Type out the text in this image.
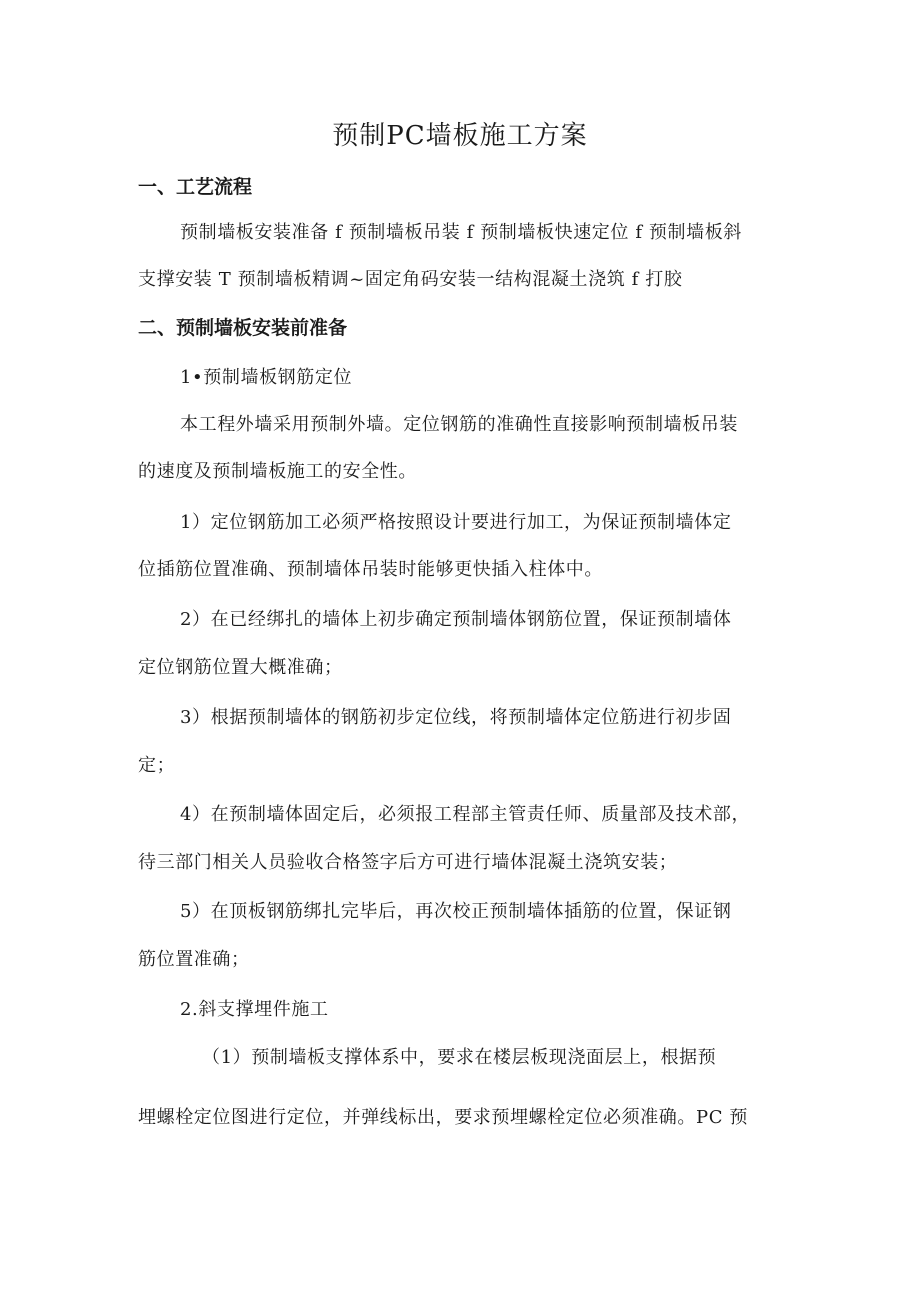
预制PC墙板施工方案
一、工艺流程
预制墙板安装准备 f 预制墙板吊装 f 预制墙板快速定位 f 预制墙板斜
支撑安装 T 预制墙板精调~固定角码安装一结构混凝土浇筑 f 打胶
二、预制墙板安装前准备
1•预制墙板钢筋定位
本工程外墙采用预制外墙。定位钢筋的准确性直接影响预制墙板吊装
的速度及预制墙板施工的安全性。
1）定位钢筋加工必须严格按照设计要进行加工，为保证预制墙体定
位插筋位置准确、预制墙体吊装时能够更快插入柱体中。
2）在已经绑扎的墙体上初步确定预制墙体钢筋位置，保证预制墙体
定位钢筋位置大概准确；
3）根据预制墙体的钢筋初步定位线，将预制墙体定位筋进行初步固
定；
4）在预制墙体固定后，必须报工程部主管责任师、质量部及技术部，
待三部门相关人员验收合格签字后方可进行墙体混凝土浇筑安装；
5）在顶板钢筋绑扎完毕后，再次校正预制墙体插筋的位置，保证钢
筋位置准确；
2.斜支撑埋件施工
（1）预制墙板支撑体系中，要求在楼层板现浇面层上，根据预
埋螺栓定位图进行定位，并弹线标出，要求预埋螺栓定位必须准确。PC 预
